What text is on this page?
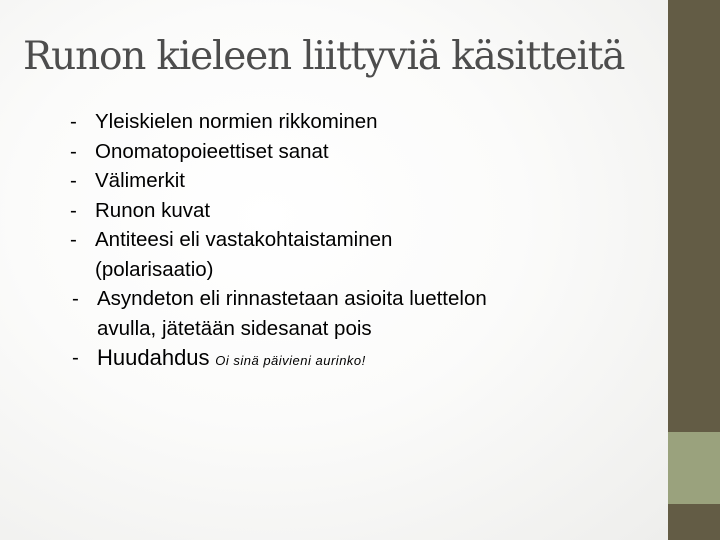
Runon kieleen liittyviä käsitteitä
- Yleiskielen normien rikkominen
- Onomatopoieettiset sanat
- Välimerkit
- Runon kuvat
- Antiteesi eli vastakohtaistaminen (polarisaatio)
- Asyndeton eli rinnastetaan asioita luettelon avulla, jätetään sidesanat pois
- Huudahdus Oi sinä päivieni aurinko!
